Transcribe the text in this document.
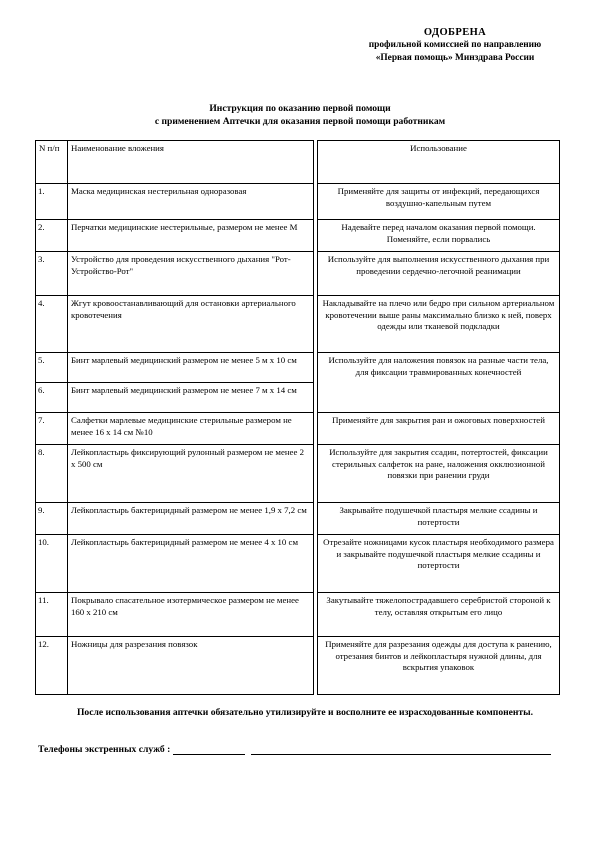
ОДОБРЕНА
профильной комиссией по направлению
«Первая помощь» Минздрава России
Инструкция по оказанию первой помощи
с применением Аптечки для оказания первой помощи работникам
N п/п	Наименование вложения		Использование
1.	Маска медицинская нестерильная одноразовая		Применяйте для защиты от инфекций, передающихся воздушно-капельным путем
2.	Перчатки медицинские нестерильные, размером не менее М		Надевайте перед началом оказания первой помощи. Поменяйте, если порвались
3.	Устройство для проведения искусственного дыхания "Рот-Устройство-Рот"		Используйте для выполнения искусственного дыхания при проведении сердечно-легочной реанимации
4.	Жгут кровоостанавливающий для остановки артериального кровотечения		Накладывайте на плечо или бедро при сильном артериальном кровотечении выше раны максимально близко к ней, поверх одежды или тканевой подкладки
5.	Бинт марлевый медицинский размером не менее 5 м х 10 см		Используйте для наложения повязок на разные части тела, для фиксации травмированных конечностей
6.	Бинт марлевый медицинский размером не менее 7 м х 14 см		
7.	Салфетки марлевые медицинские стерильные размером не менее 16 х 14 см №10		Применяйте для закрытия ран и ожоговых поверхностей
8.	Лейкопластырь фиксирующий рулонный размером не менее 2 х 500 см		Используйте для закрытия ссадин, потертостей, фиксации стерильных салфеток на ране, наложения окклюзионной повязки при ранении груди
9.	Лейкопластырь бактерицидный размером не менее 1,9 х 7,2 см		Закрывайте подушечкой пластыря мелкие ссадины и потертости
10.	Лейкопластырь бактерицидный размером не менее 4 х 10 см		Отрезайте ножницами кусок пластыря необходимого размера и закрывайте подушечкой пластыря мелкие ссадины и потертости
11.	Покрывало спасательное изотермическое размером не менее 160 х 210 см		Закутывайте тяжелопострадавшего серебристой стороной к телу, оставляя открытым его лицо
12.	Ножницы для разрезания повязок		Применяйте для разрезания одежды для доступа к ранению, отрезания бинтов и лейкопластыря нужной длины, для вскрытия упаковок
После использования аптечки обязательно утилизируйте и восполните ее израсходованные компоненты.
Телефоны экстренных служб :
